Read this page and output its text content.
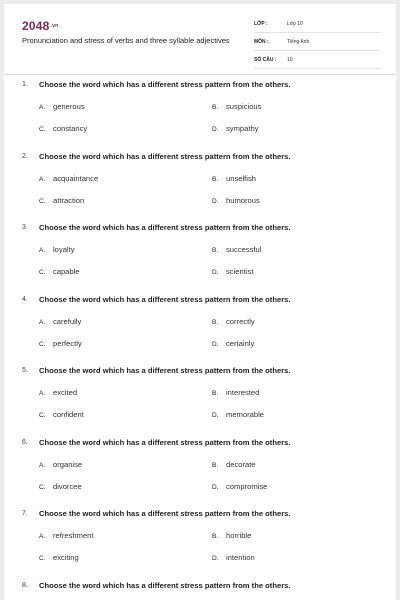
$2048^{.vn}$
Pronunciation and stress of verbs and three syllable adjectives
LỚP :	Lớp 10
MÔN :	Tiếng Anh
SỐ CÂU : 10
1. Choose the word which has a different stress pattern from the others.
A. generous	B. suspicious
C. constancy	D. sympathy
2. Choose the word which has a different stress pattern from the others.
A. acquaintance	B. unselfish
C. attraction	D. humorous
3. Choose the word which has a different stress pattern from the others.
A. loyalty	B. successful
C. capable	D. scientist
4. Choose the word which has a different stress pattern from the others.
A. carefully	B. correctly
C. perfectly	D. certainly
5. Choose the word which has a different stress pattern from the others.
A. excited	B. interested
C. confident	D. memorable
6. Choose the word which has a different stress pattern from the others.
A. organise	B. decorate
C. divorcee	D. compromise
7. Choose the word which has a different stress pattern from the others.
A. refreshment	B. horrible
C. exciting	D. intention
8. Choose the word which has a different stress pattern from the others.
